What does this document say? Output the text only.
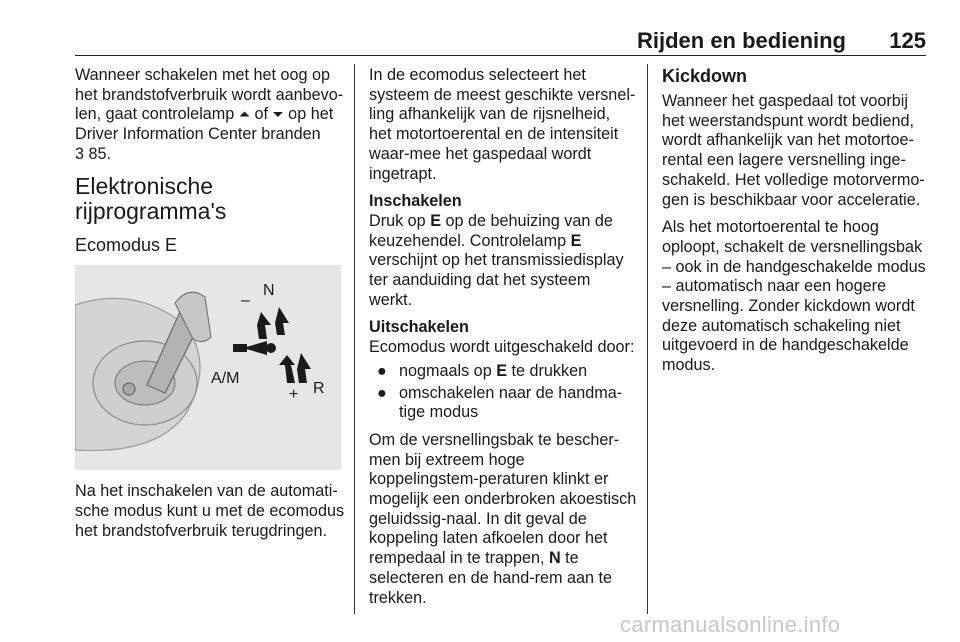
Rijden en bediening 125

Wanneer schakelen met het oog op het brandstofverbruik wordt aanbevo- len, gaat controlelamp ⏶ of ⏷ op het Driver Information Center branden
3 85.

Elektronische rijprogramma's
Ecomodus E
N
–
A/M
R
+

Na het inschakelen van de automati-sche modus kunt u met de ecomodus het brandstofverbruik terugdringen.

In de ecomodus selecteert het systeem de meest geschikte versnel-ling afhankelijk van de rijsnelheid, het motortoerental en de intensiteit waar-mee het gaspedaal wordt ingetrapt.

Inschakelen

Druk op E op de behuizing van de keuzehendel. Controlelamp E verschijnt op het transmissiedisplay ter aanduiding dat het systeem werkt.

Uitschakelen

Ecomodus wordt uitgeschakeld door:

● nogmaals op E te drukken
● omschakelen naar de handma-tige modus

Om de versnellingsbak te bescher-men bij extreem hoge koppelingstem-peraturen klinkt er mogelijk een onderbroken akoestisch geluidssig-naal. In dit geval de koppeling laten afkoelen door het rempedaal in te trappen, N te selecteren en de hand-rem aan te trekken.

Kickdown

Wanneer het gaspedaal tot voorbij het weerstandspunt wordt bediend, wordt afhankelijk van het motortoe-rental een lagere versnelling inge-schakeld. Het volledige motorvermo-gen is beschikbaar voor acceleratie.

Als het motortoerental te hoog oploopt, schakelt de versnellingsbak – ook in de handgeschakelde modus – automatisch naar een hogere versnelling. Zonder kickdown wordt deze automatisch schakeling niet uitgevoerd in de handgeschakelde modus.

carmanualsonline.info
